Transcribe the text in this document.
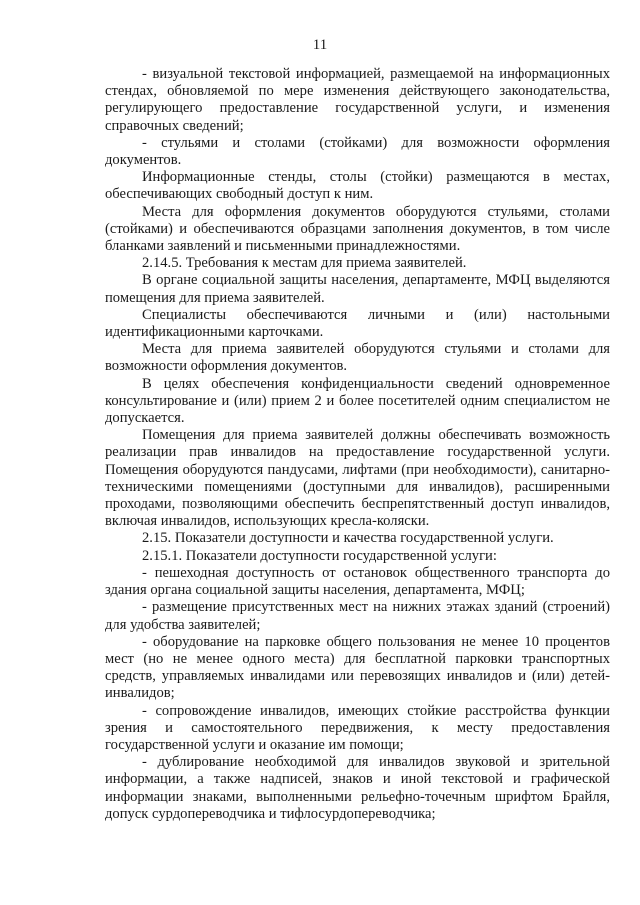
11

- визуальной текстовой информацией, размещаемой на информационных стендах, обновляемой по мере изменения действующего законодательства, регулирующего предоставление государственной услуги, и изменения справочных сведений;

- стульями и столами (стойками) для возможности оформления документов.

Информационные стенды, столы (стойки) размещаются в местах, обеспечивающих свободный доступ к ним.

Места для оформления документов оборудуются стульями, столами (стойками) и обеспечиваются образцами заполнения документов, в том числе бланками заявлений и письменными принадлежностями.

2.14.5. Требования к местам для приема заявителей.

В органе социальной защиты населения, департаменте, МФЦ выделяются помещения для приема заявителей.

Специалисты обеспечиваются личными и (или) настольными идентификационными карточками.

Места для приема заявителей оборудуются стульями и столами для возможности оформления документов.

В целях обеспечения конфиденциальности сведений одновременное консультирование и (или) прием 2 и более посетителей одним специалистом не допускается.

Помещения для приема заявителей должны обеспечивать возможность реализации прав инвалидов на предоставление государственной услуги. Помещения оборудуются пандусами, лифтами (при необходимости), санитарно-техническими помещениями (доступными для инвалидов), расширенными проходами, позволяющими обеспечить беспрепятственный доступ инвалидов, включая инвалидов, использующих кресла-коляски.

2.15. Показатели доступности и качества государственной услуги.

2.15.1. Показатели доступности государственной услуги:

- пешеходная доступность от остановок общественного транспорта до здания органа социальной защиты населения, департамента, МФЦ;

- размещение присутственных мест на нижних этажах зданий (строений) для удобства заявителей;

- оборудование на парковке общего пользования не менее 10 процентов мест (но не менее одного места) для бесплатной парковки транспортных средств, управляемых инвалидами или перевозящих инвалидов и (или) детей-инвалидов;

- сопровождение инвалидов, имеющих стойкие расстройства функции зрения и самостоятельного передвижения, к месту предоставления государственной услуги и оказание им помощи;

- дублирование необходимой для инвалидов звуковой и зрительной информации, а также надписей, знаков и иной текстовой и графической информации знаками, выполненными рельефно-точечным шрифтом Брайля, допуск сурдопереводчика и тифлосурдопереводчика;
